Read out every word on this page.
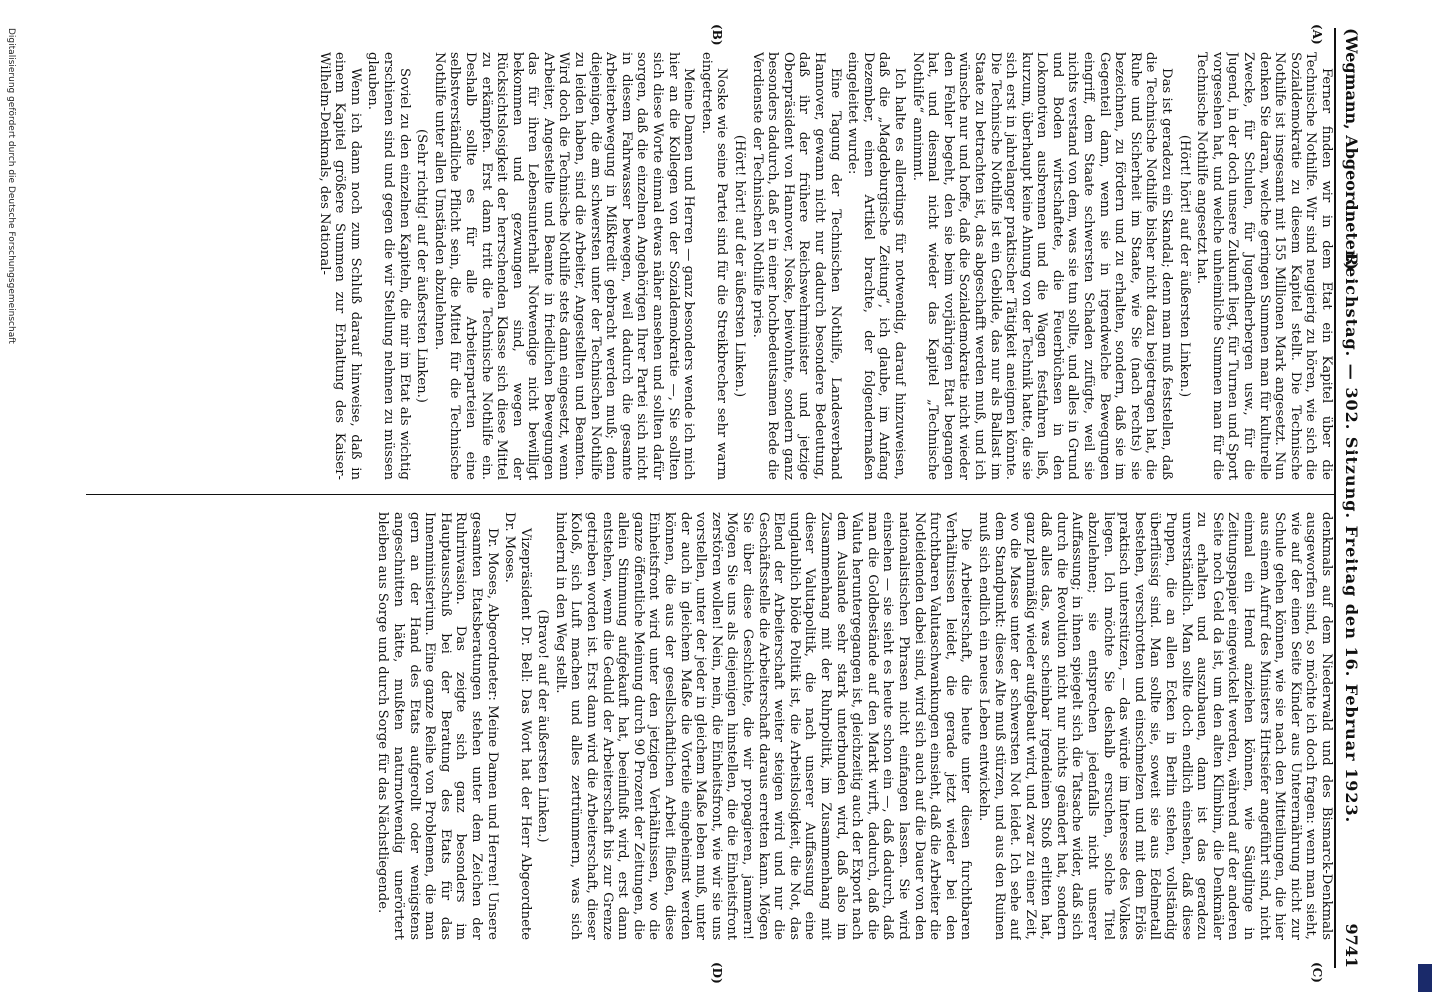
(Wegmann, Abgeordneter.)
Reichstag. — 302. Sitzung. Freitag den 16. Februar 1923.
9741
(A)
(B)
(C)
(D)

Ferner finden wir in dem Etat ein Kapitel über die Technische Nothilfe. Wir sind neugierig zu hören, wie sich die Sozialdemokratie zu diesem Kapitel stellt. Die Technische Nothilfe ist insgesamt mit 155 Millionen Mark angesetzt. Nun denken Sie daran, welche geringen Summen man für kulturelle Zwecke, für Schulen, für Jugendherbergen usw., für die Jugend, in der doch unsere Zukunft liegt, für Turnen und Sport vorgesehen hat, und welche unheimliche Summen man für die Technische Nothilfe angesetzt hat.

(Hört! hört! auf der äußersten Linken.)

Das ist geradezu ein Skandal; denn man muß feststellen, daß die Technische Nothilfe bisher nicht dazu beigetragen hat, die Ruhe und Sicherheit im Staate, wie Sie (nach rechts) sie bezeichnen, zu fördern und zu erhalten, sondern, daß sie im Gegenteil dann, wenn sie in irgendwelche Bewegungen eingriff, dem Staate schwersten Schaden zufügte, weil sie nichts verstand von dem, was sie tun sollte, und alles in Grund und Boden wirtschaftete, die Feuerbüchsen in den Lokomotiven ausbrennen und die Wagen festfahren ließ, kurzum, überhaupt keine Ahnung von der Technik hatte, die sie sich erst in jahrelanger praktischer Tätigkeit aneignen könnte. Die Technische Nothilfe ist ein Gebilde, das nur als Ballast im Staate zu betrachten ist, das abgeschafft werden muß, und ich wünsche nur und hoffe, daß die Sozialdemokratie nicht wieder den Fehler begeht, den sie beim vorjährigen Etat begangen hat, und diesmal nicht wieder das Kapitel „Technische Nothilfe“ annimmt.

Ich halte es allerdings für notwendig, darauf hinzuweisen, daß die „Magdeburgische Zeitung“, ich glaube, im Anfang Dezember, einen Artikel brachte, der folgendermaßen eingeleitet wurde:

Eine Tagung der Technischen Nothilfe, Landesverband Hannover, gewann nicht nur dadurch besondere Bedeutung, daß ihr der frühere Reichswehrminister und jetzige Oberpräsident von Hannover, Noske, beiwohnte, sondern ganz besonders dadurch, daß er in einer hochbedeutsamen Rede die Verdienste der Technischen Nothilfe pries.

(Hört! hört! auf der äußersten Linken.)

Noske wie seine Partei sind für die Streikbrecher sehr warm eingetreten.

Meine Damen und Herren — ganz besonders wende ich mich hier an die Kollegen von der Sozialdemokratie —, Sie sollten sich diese Worte einmal etwas näher ansehen und sollten dafür sorgen, daß die einzelnen Angehörigen Ihrer Partei sich nicht in diesem Fahrwasser bewegen, weil dadurch die gesamte Arbeiterbewegung in Mißkredit gebracht werden muß; denn diejenigen, die am schwersten unter der Technischen Nothilfe zu leiden haben, sind die Arbeiter, Angestellten und Beamten. Wird doch die Technische Nothilfe stets dann eingesetzt, wenn Arbeiter, Angestellte und Beamte in friedlichen Bewegungen das für ihren Lebensunterhalt Notwendige nicht bewilligt bekommen und gezwungen sind, wegen der Rücksichtslosigkeit der herrschenden Klasse sich diese Mittel zu erkämpfen. Erst dann tritt die Technische Nothilfe ein. Deshalb sollte es für alle Arbeiterparteien eine selbstverständliche Pflicht sein, die Mittel für die Technische Nothilfe unter allen Umständen abzulehnen.

(Sehr richtig! auf der äußersten Linken.)

Soviel zu den einzelnen Kapiteln, die mir im Etat als wichtig erschienen sind und gegen die wir Stellung nehmen zu müssen glauben.

Wenn ich dann noch zum Schluß darauf hinweise, daß in einem Kapitel größere Summen zur Erhaltung des Kaiser-Wilhelm-Denkmals, des National-

denkmals auf dem Niederwald und des Bismarck-Denkmals ausgeworfen sind, so möchte ich doch fragen: wenn man sieht, wie auf der einen Seite Kinder aus Unterernährung nicht zur Schule gehen können, wie sie nach den Mitteilungen, die hier aus einem Aufruf des Ministers Hirtsiefer angeführt sind, nicht einmal ein Hemd anziehen können, wie Säuglinge in Zeitungspapier eingewickelt werden, während auf der anderen Seite noch Geld da ist, um den alten Klimbim, die Denkmäler zu erhalten und auszubauen, dann ist das geradezu unverständlich. Man sollte doch endlich einsehen, daß diese Puppen, die an allen Ecken in Berlin stehen, vollständig überflüssig sind. Man sollte sie, soweit sie aus Edelmetall bestehen, verschrotten und einschmelzen und mit dem Erlös praktisch unterstützen, — das würde im Interesse des Volkes liegen. Ich möchte Sie deshalb ersuchen, solche Titel abzulehnen; sie entsprechen jedenfalls nicht unserer Auffassung; in ihnen spiegelt sich die Tatsache wider, daß sich durch die Revolution nicht nur nichts geändert hat, sondern daß alles das, was scheinbar irgendeinen Stoß erlitten hat, ganz planmäßig wieder aufgebaut wird, und zwar zu einer Zeit, wo die Masse unter der schwersten Not leidet. Ich sehe auf dem Standpunkt: dieses Alte muß stürzen, und aus den Ruinen muß sich endlich ein neues Leben entwickeln.

Die Arbeiterschaft, die heute unter diesen furchtbaren Verhältnissen leidet, die gerade jetzt wieder bei den furchtbaren Valutaschwankungen einsieht, daß die Arbeiter die Notleidenden dabei sind, wird sich auch auf die Dauer von den nationalistischen Phrasen nicht einfangen lassen. Sie wird einsehen — sie sieht es heute schon ein —, daß dadurch, daß man die Goldbestände auf den Markt wirft, dadurch, daß die Valuta heruntergegangen ist, gleichzeitig auch der Export nach dem Auslande sehr stark unterbunden wird, daß also im Zusammenhang mit der Ruhrpolitik, im Zusammenhang mit dieser Valutapolitik, die nach unserer Auffassung eine unglaublich blöde Politik ist, die Arbeitslosigkeit, die Not, das Elend der Arbeiterschaft weiter steigen wird und nur die Geschäftsstelle die Arbeiterschaft daraus erretten kann. Mögen Sie über diese Geschichte, die wir propagieren, jammern! Mögen Sie uns als diejenigen hinstellen, die die Einheitsfront zerstören wollen! Nein, nein, die Einheitsfront, wie wir sie uns vorstellen, unter der jeder in gleichem Maße leben muß, unter der auch in gleichem Maße die Vorteile eingeheimst werden können, die aus der gesellschaftlichen Arbeit fließen, diese Einheitsfront wird unter den jetzigen Verhältnissen, wo die ganze öffentliche Meinung durch 90 Prozent der Zeitungen, die allein Stimmung aufgekauft hat, beeinflußt wird, erst dann entstehen, wenn die Geduld der Arbeiterschaft bis zur Grenze getrieben worden ist. Erst dann wird die Arbeiterschaft, dieser Koloß, sich Luft machen und alles zertrümmern, was sich hindernd in den Weg stellt.

(Bravo! auf der äußersten Linken.)

Vizepräsident Dr. Bell: Das Wort hat der Herr Abgeordnete Dr. Moses.

Dr. Moses, Abgeordneter: Meine Damen und Herren! Unsere gesamten Etatsberatungen stehen unter dem Zeichen der Ruhrinvasion. Das zeigte sich ganz besonders im Hauptausschuß bei der Beratung des Etats für das Innenministerium. Eine ganze Reihe von Problemen, die man gern an der Hand des Etats aufgerollt oder wenigstens angeschnitten hätte, mußten naturnotwendig unerörtert bleiben aus Sorge und durch Sorge für das Nächstliegende.

Digitalisierung gefördert durch die Deutsche Forschungsgemeinschaft
